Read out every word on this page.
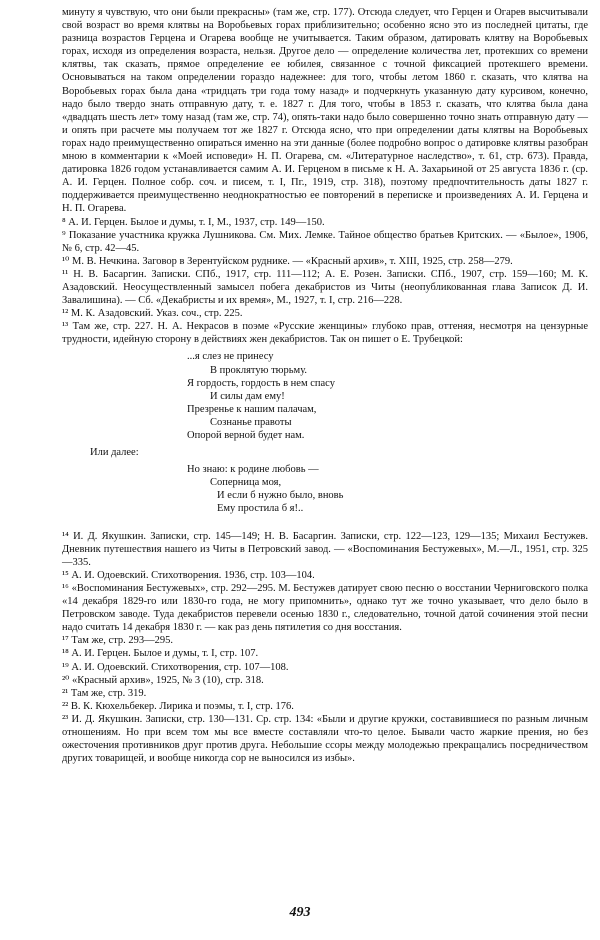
минуту я чувствую, что они были прекрасны» (там же, стр. 177). Отсюда следует, что Герцен и Огарев высчитывали свой возраст во время клятвы на Воробьевых горах приблизительно; особенно ясно это из последней цитаты, где разница возрастов Герцена и Огарева вообще не учитывается. Таким образом, датировать клятву на Воробьевых горах, исходя из определения возраста, нельзя. Другое дело — определение количества лет, протекших со времени клятвы, так сказать, прямое определение ее юбилея, связанное с точной фиксацией протекшего времени. Основываться на таком определении гораздо надежнее: для того, чтобы летом 1860 г. сказать, что клятва на Воробьевых горах была дана «тридцать три года тому назад» и подчеркнуть указанную дату курсивом, конечно, надо было твердо знать отправную дату, т. е. 1827 г. Для того, чтобы в 1853 г. сказать, что клятва была дана «двадцать шесть лет» тому назад (там же, стр. 74), опять-таки надо было совершенно точно знать отправную дату — и опять при расчете мы получаем тот же 1827 г. Отсюда ясно, что при определении даты клятвы на Воробьевых горах надо преимущественно опираться именно на эти данные (более подробно вопрос о датировке клятвы разобран мною в комментарии к «Моей исповеди» Н. П. Огарева, см. «Литературное наследство», т. 61, стр. 673). Правда, датировка 1826 годом устанавливается самим А. И. Герценом в письме к Н. А. Захарьиной от 25 августа 1836 г. (ср. А. И. Герцен. Полное собр. соч. и писем, т. I, Пг., 1919, стр. 318), поэтому предпочтительность даты 1827 г. поддерживается преимущественно неоднократностью ее повторений в переписке и произведениях А. И. Герцена и Н. П. Огарева.

⁸ А. И. Герцен. Былое и думы, т. I, М., 1937, стр. 149—150.

⁹ Показание участника кружка Лушникова. См. Мих. Лемке. Тайное общество братьев Критских. — «Былое», 1906, № 6, стр. 42—45.

¹⁰ М. В. Нечкина. Заговор в Зерентуйском руднике. — «Красный архив», т. XIII, 1925, стр. 258—279.

¹¹ Н. В. Басаргин. Записки. СПб., 1917, стр. 111—112; А. Е. Розен. Записки. СПб., 1907, стр. 159—160; М. К. Азадовский. Неосуществленный замысел побега декабристов из Читы (неопубликованная глава Записок Д. И. Завалишина). — Сб. «Декабристы и их время», М., 1927, т. I, стр. 216—228.

¹² М. К. Азадовский. Указ. соч., стр. 225.

¹³ Там же, стр. 227. Н. А. Некрасов в поэме «Русские женщины» глубоко прав, оттеняя, несмотря на цензурные трудности, идейную сторону в действиях жен декабристов. Так он пишет о Е. Трубецкой:

...я слез не принесу
В проклятую тюрьму.
Я гордость, гордость в нем спасу
И силы дам ему!
Презренье к нашим палачам,
Сознанье правоты
Опорой верной будет нам.

Или далее:

Но знаю: к родине любовь —
Соперница моя,
И если б нужно было, вновь
Ему простила б я!..

¹⁴ И. Д. Якушкин. Записки, стр. 145—149; Н. В. Басаргин. Записки, стр. 122—123, 129—135; Михаил Бестужев. Дневник путешествия нашего из Читы в Петровский завод. — «Воспоминания Бестужевых», М.—Л., 1951, стр. 325—335.

¹⁵ А. И. Одоевский. Стихотворения. 1936, стр. 103—104.

¹⁶ «Воспоминания Бестужевых», стр. 292—295. М. Бестужев датирует свою песню о восстании Черниговского полка «14 декабря 1829-го или 1830-го года, не могу припомнить», однако тут же точно указывает, что дело было в Петровском заводе. Туда декабристов перевели осенью 1830 г., следовательно, точной датой сочинения этой песни надо считать 14 декабря 1830 г. — как раз день пятилетия со дня восстания.

¹⁷ Там же, стр. 293—295.

¹⁸ А. И. Герцен. Былое и думы, т. I, стр. 107.

¹⁹ А. И. Одоевский. Стихотворения, стр. 107—108.

²⁰ «Красный архив», 1925, № 3 (10), стр. 318.

²¹ Там же, стр. 319.

²² В. К. Кюхельбекер. Лирика и поэмы, т. I, стр. 176.

²³ И. Д. Якушкин. Записки, стр. 130—131. Ср. стр. 134: «Были и другие кружки, составившиеся по разным личным отношениям. Но при всем том мы все вместе составляли что-то целое. Бывали часто жаркие прения, но без ожесточения противников друг против друга. Небольшие ссоры между молодежью прекращались посредничеством других товарищей, и вообще никогда сор не выносился из избы».

493
